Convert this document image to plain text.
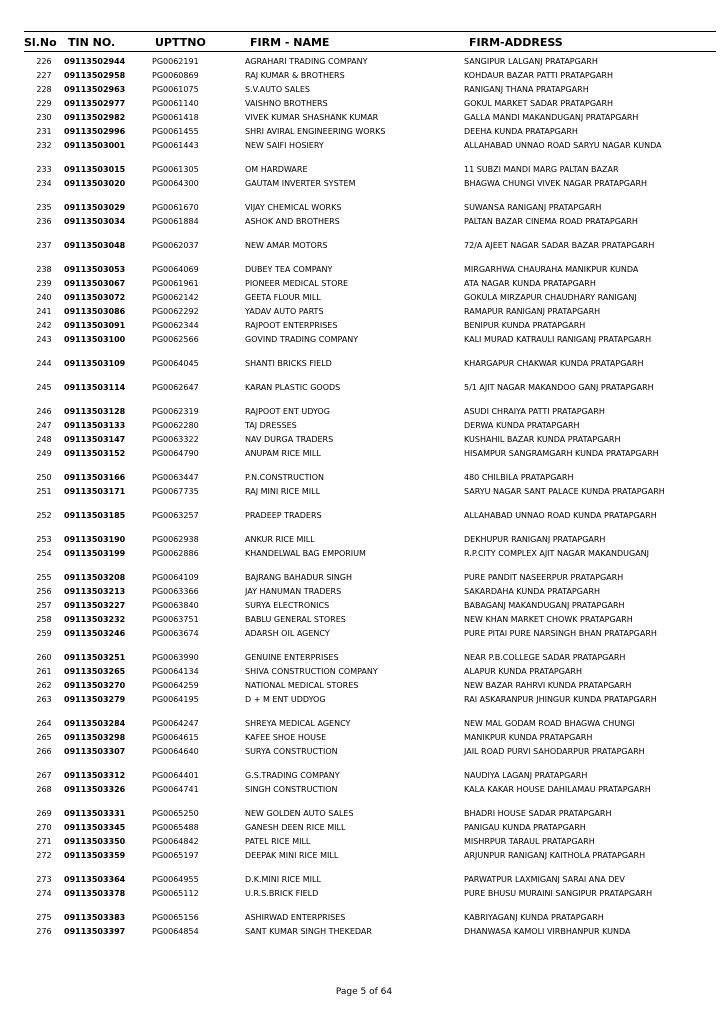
Sl.No TIN NO.	UPTTNO	FIRM - NAME	FIRM-ADDRESS
226	09113502944	PG0062191	AGRAHARI TRADING COMPANY	SANGIPUR LALGANJ PRATAPGARH
227	09113502958	PG0060869	RAJ KUMAR & BROTHERS	KOHDAUR BAZAR PATTI PRATAPGARH
228	09113502963	PG0061075	S.V.AUTO SALES	RANIGANJ THANA PRATAPGARH
229	09113502977	PG0061140	VAISHNO BROTHERS	GOKUL MARKET SADAR PRATAPGARH
230	09113502982	PG0061418	VIVEK KUMAR SHASHANK KUMAR	GALLA MANDI MAKANDUGANJ PRATAPGARH
231	09113502996	PG0061455	SHRI AVIRAL ENGINEERING WORKS	DEEHA KUNDA PRATAPGARH
232	09113503001	PG0061443	NEW SAIFI HOSIERY	ALLAHABAD UNNAO ROAD SARYU NAGAR KUNDA
233	09113503015	PG0061305	OM HARDWARE	11 SUBZI MANDI MARG PALTAN BAZAR
234	09113503020	PG0064300	GAUTAM INVERTER SYSTEM	BHAGWA CHUNGI VIVEK NAGAR PRATAPGARH
235	09113503029	PG0061670	VIJAY CHEMICAL WORKS	SUWANSA RANIGANJ PRATAPGARH
236	09113503034	PG0061884	ASHOK AND BROTHERS	PALTAN BAZAR CINEMA ROAD PRATAPGARH
237	09113503048	PG0062037	NEW AMAR MOTORS	72/A AJEET NAGAR SADAR BAZAR PRATAPGARH
238	09113503053	PG0064069	DUBEY TEA COMPANY	MIRGARHWA CHAURAHA MANIKPUR KUNDA
239	09113503067	PG0061961	PIONEER MEDICAL STORE	ATA NAGAR KUNDA PRATAPGARH
240	09113503072	PG0062142	GEETA FLOUR MILL	GOKULA MIRZAPUR CHAUDHARY RANIGANJ
241	09113503086	PG0062292	YADAV AUTO PARTS	RAMAPUR RANIGANJ PRATAPGARH
242	09113503091	PG0062344	RAJPOOT ENTERPRISES	BENIPUR KUNDA PRATAPGARH
243	09113503100	PG0062566	GOVIND TRADING COMPANY	KALI MURAD KATRAULI RANIGANJ PRATAPGARH
244	09113503109	PG0064045	SHANTI BRICKS FIELD	KHARGAPUR CHAKWAR KUNDA PRATAPGARH
245	09113503114	PG0062647	KARAN PLASTIC GOODS	5/1 AJIT NAGAR MAKANDOO GANJ PRATAPGARH
246	09113503128	PG0062319	RAJPOOT ENT UDYOG	ASUDI CHRAIYA PATTI PRATAPGARH
247	09113503133	PG0062280	TAJ DRESSES	DERWA KUNDA PRATAPGARH
248	09113503147	PG0063322	NAV DURGA TRADERS	KUSHAHIL BAZAR KUNDA PRATAPGARH
249	09113503152	PG0064790	ANUPAM RICE MILL	HISAMPUR SANGRAMGARH KUNDA PRATAPGARH
250	09113503166	PG0063447	P.N.CONSTRUCTION	480 CHILBILA PRATAPGARH
251	09113503171	PG0067735	RAJ MINI RICE MILL	SARYU NAGAR SANT PALACE KUNDA PRATAPGARH
252	09113503185	PG0063257	PRADEEP TRADERS	ALLAHABAD UNNAO ROAD KUNDA PRATAPGARH
253	09113503190	PG0062938	ANKUR RICE MILL	DEKHUPUR RANIGANJ PRATAPGARH
254	09113503199	PG0062886	KHANDELWAL BAG EMPORIUM	R.P.CITY COMPLEX AJIT NAGAR MAKANDUGANJ
255	09113503208	PG0064109	BAJRANG BAHADUR SINGH	PURE PANDIT NASEERPUR PRATAPGARH
256	09113503213	PG0063366	JAY HANUMAN TRADERS	SAKARDAHA KUNDA PRATAPGARH
257	09113503227	PG0063840	SURYA ELECTRONICS	BABAGANJ MAKANDUGANJ PRATAPGARH
258	09113503232	PG0063751	BABLU GENERAL STORES	NEW KHAN MARKET CHOWK PRATAPGARH
259	09113503246	PG0063674	ADARSH OIL AGENCY	PURE PITAI PURE NARSINGH BHAN PRATAPGARH
260	09113503251	PG0063990	GENUINE ENTERPRISES	NEAR P.B.COLLEGE SADAR PRATAPGARH
261	09113503265	PG0064134	SHIVA CONSTRUCTION COMPANY	ALAPUR KUNDA PRATAPGARH
262	09113503270	PG0064259	NATIONAL MEDICAL STORES	NEW BAZAR RAHRVI KUNDA PRATAPGARH
263	09113503279	PG0064195	D + M ENT UDDYOG	RAI ASKARANPUR JHINGUR KUNDA PRATAPGARH
264	09113503284	PG0064247	SHREYA MEDICAL AGENCY	NEW MAL GODAM ROAD BHAGWA CHUNGI
265	09113503298	PG0064615	KAFEE SHOE HOUSE	MANIKPUR KUNDA PRATAPGARH
266	09113503307	PG0064640	SURYA CONSTRUCTION	JAIL ROAD PURVI SAHODARPUR PRATAPGARH
267	09113503312	PG0064401	G.S.TRADING COMPANY	NAUDIYA LAGANJ PRATAPGARH
268	09113503326	PG0064741	SINGH CONSTRUCTION	KALA KAKAR HOUSE DAHILAMAU PRATAPGARH
269	09113503331	PG0065250	NEW GOLDEN AUTO SALES	BHADRI HOUSE SADAR PRATAPGARH
270	09113503345	PG0065488	GANESH DEEN RICE MILL	PANIGAU KUNDA PRATAPGARH
271	09113503350	PG0064842	PATEL RICE MILL	MISHRPUR TARAUL PRATAPGARH
272	09113503359	PG0065197	DEEPAK MINI RICE MILL	ARJUNPUR RANIGANJ KAITHOLA PRATAPGARH
273	09113503364	PG0064955	D.K.MINI RICE MILL	PARWATPUR LAXMIGANJ SARAI ANA DEV
274	09113503378	PG0065112	U.R.S.BRICK FIELD	PURE BHUSU MURAINI SANGIPUR PRATAPGARH
275	09113503383	PG0065156	ASHIRWAD ENTERPRISES	KABRIYAGANJ KUNDA PRATAPGARH
276	09113503397	PG0064854	SANT KUMAR SINGH THEKEDAR	DHANWASA KAMOLI VIRBHANPUR KUNDA
Page 5 of 64
